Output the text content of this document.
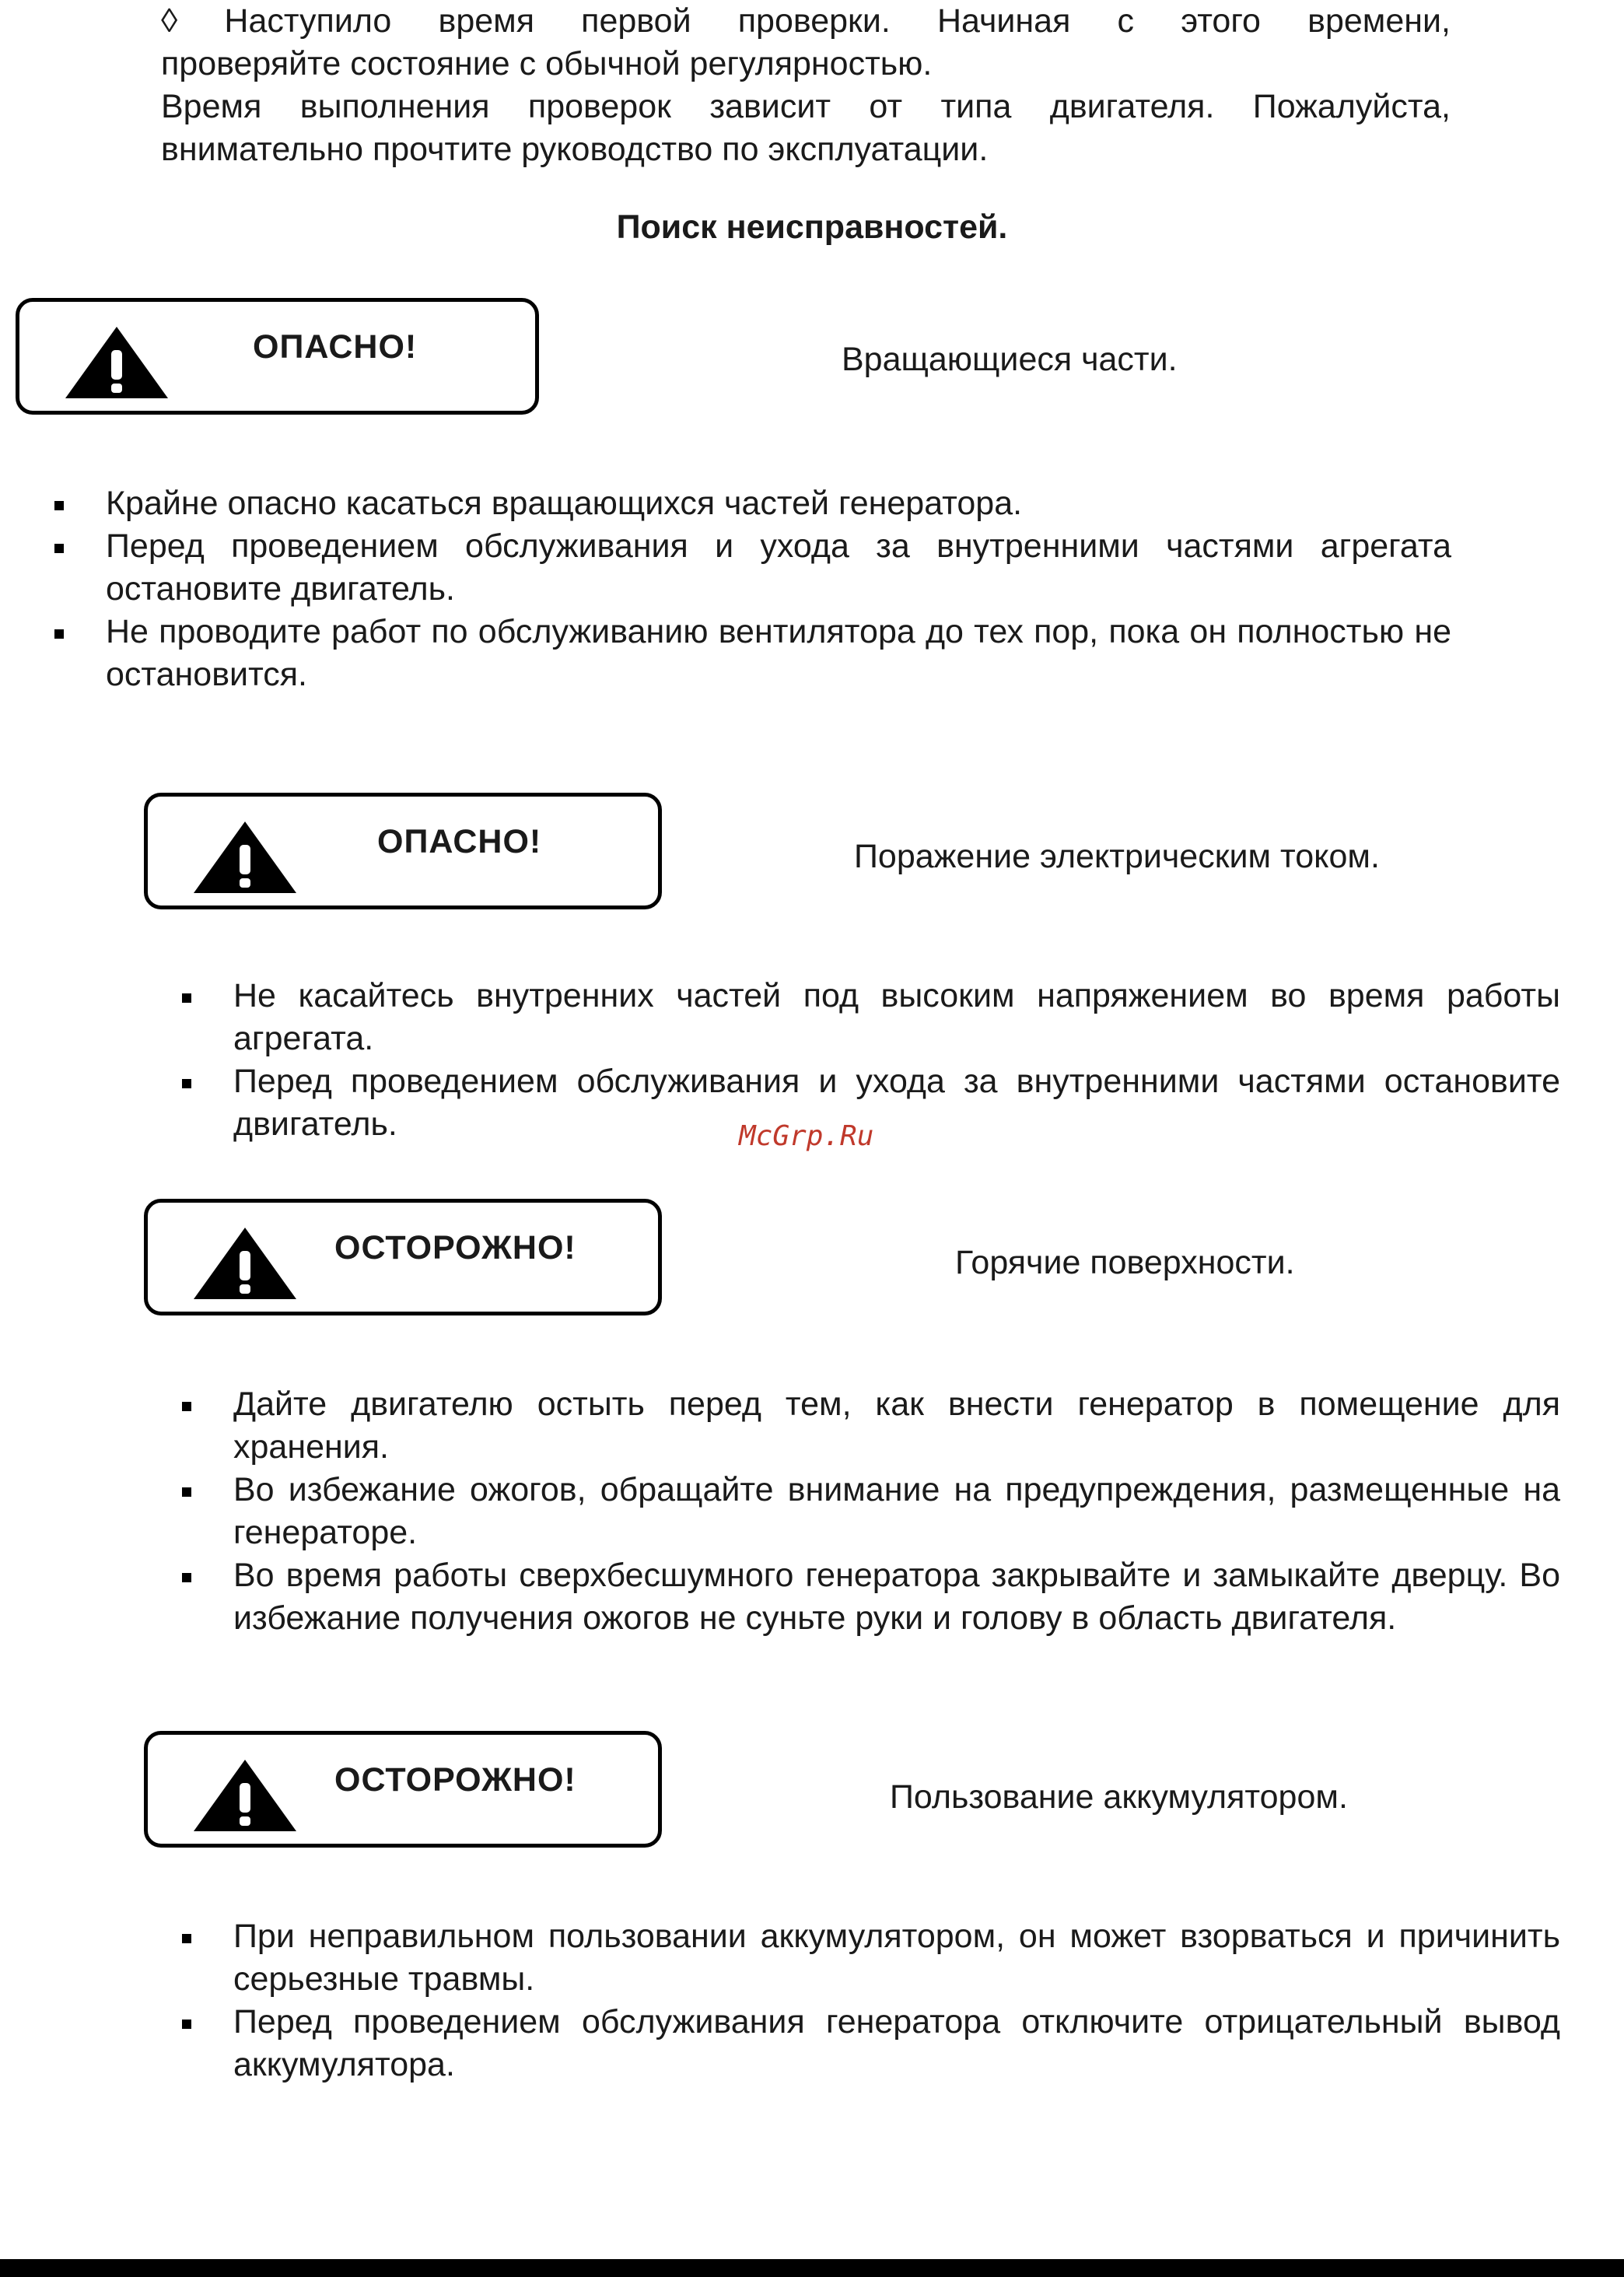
◊ Наступило время первой проверки. Начиная с этого времени,
проверяйте состояние с обычной регулярностью.
Время выполнения проверок зависит от типа двигателя. Пожалуйста,
внимательно прочтите руководство по эксплуатации.
Поиск неисправностей.
ОПАСНО!	Вращающиеся части.
Крайне опасно касаться вращающихся частей генератора.
Перед проведением обслуживания и ухода за внутренними частями агрегата остановите двигатель.
Не проводите работ по обслуживанию вентилятора до тех пор, пока он полностью не остановится.
ОПАСНО!	Поражение электрическим током.
Не касайтесь внутренних частей под высоким напряжением во время работы агрегата.
Перед проведением обслуживания и ухода за внутренними частями остановите двигатель.	McGrp.Ru
ОСТОРОЖНО!	Горячие поверхности.
Дайте двигателю остыть перед тем, как внести генератор в помещение для хранения.
Во избежание ожогов, обращайте внимание на предупреждения, размещенные на генераторе.
Во время работы сверхбесшумного генератора закрывайте и замыкайте дверцу. Во избежание получения ожогов не суньте руки и голову в область двигателя.
ОСТОРОЖНО!	Пользование аккумулятором.
При неправильном пользовании аккумулятором, он может взорваться и причинить серьезные травмы.
Перед проведением обслуживания генератора отключите отрицательный вывод аккумулятора.
